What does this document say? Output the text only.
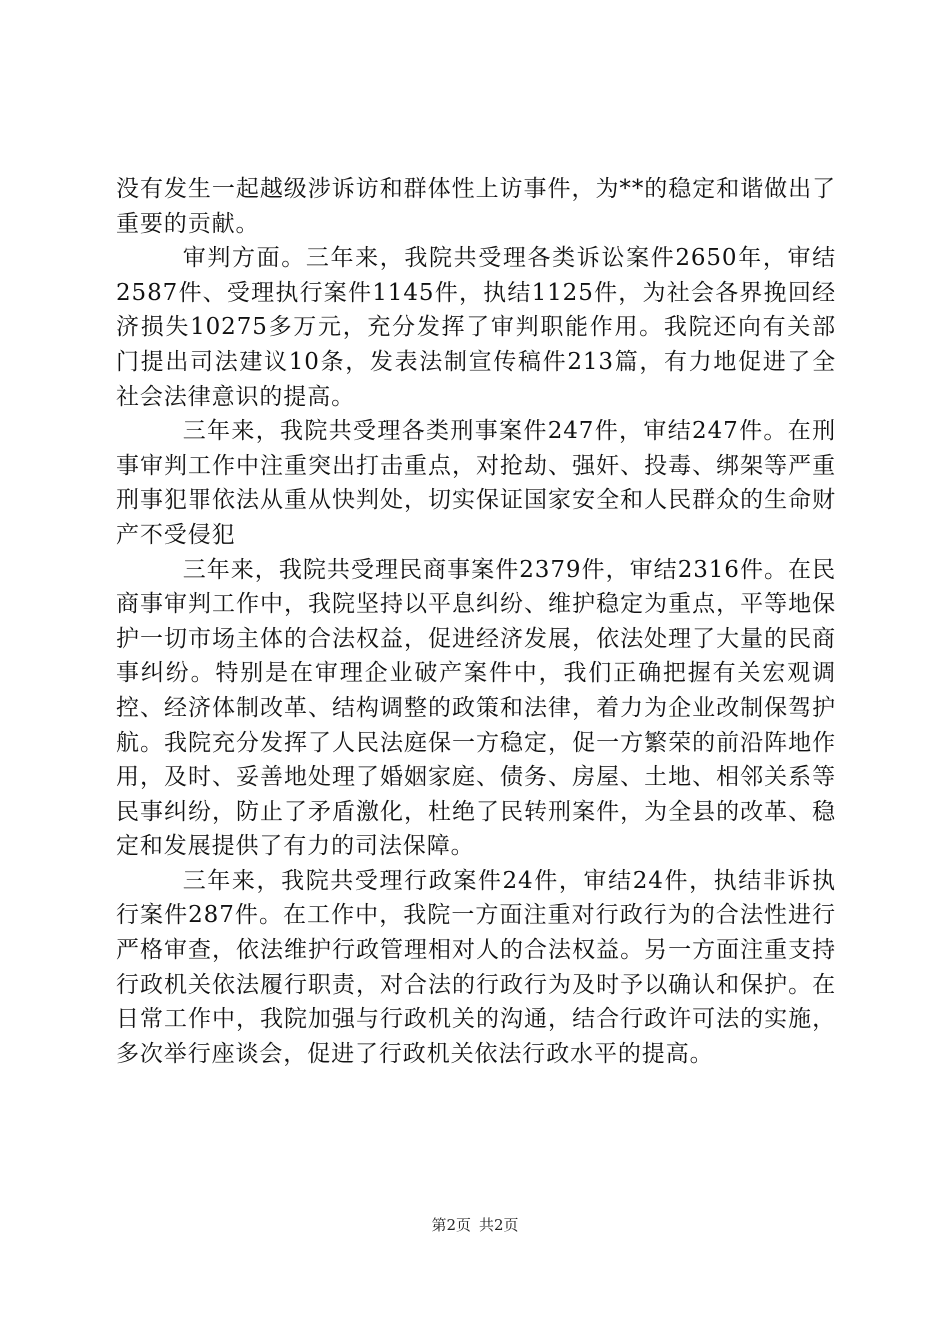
没有发生一起越级涉诉访和群体性上访事件，为**的稳定和谐做出了重要的贡献。

审判方面。三年来，我院共受理各类诉讼案件2650年，审结2587件、受理执行案件1145件，执结1125件，为社会各界挽回经济损失10275多万元，充分发挥了审判职能作用。我院还向有关部门提出司法建议10条，发表法制宣传稿件213篇，有力地促进了全社会法律意识的提高。

三年来，我院共受理各类刑事案件247件，审结247件。在刑事审判工作中注重突出打击重点，对抢劫、强奸、投毒、绑架等严重刑事犯罪依法从重从快判处，切实保证国家安全和人民群众的生命财产不受侵犯

三年来，我院共受理民商事案件2379件，审结2316件。在民商事审判工作中，我院坚持以平息纠纷、维护稳定为重点，平等地保护一切市场主体的合法权益，促进经济发展，依法处理了大量的民商事纠纷。特别是在审理企业破产案件中，我们正确把握有关宏观调控、经济体制改革、结构调整的政策和法律，着力为企业改制保驾护航。我院充分发挥了人民法庭保一方稳定，促一方繁荣的前沿阵地作用，及时、妥善地处理了婚姻家庭、债务、房屋、土地、相邻关系等民事纠纷，防止了矛盾激化，杜绝了民转刑案件，为全县的改革、稳定和发展提供了有力的司法保障。

三年来，我院共受理行政案件24件，审结24件，执结非诉执行案件287件。在工作中，我院一方面注重对行政行为的合法性进行严格审查，依法维护行政管理相对人的合法权益。另一方面注重支持行政机关依法履行职责，对合法的行政行为及时予以确认和保护。在日常工作中，我院加强与行政机关的沟通，结合行政许可法的实施，多次举行座谈会，促进了行政机关依法行政水平的提高。

第2页 共2页
